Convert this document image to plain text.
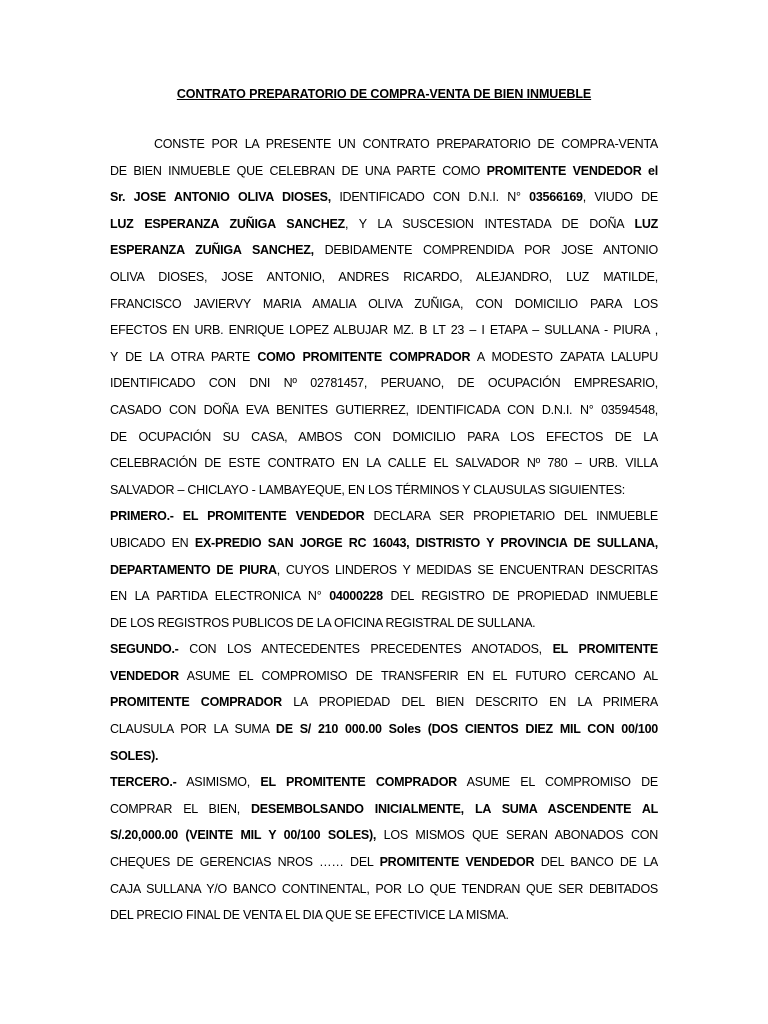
CONTRATO PREPARATORIO DE COMPRA-VENTA DE BIEN INMUEBLE
CONSTE POR LA PRESENTE UN CONTRATO PREPARATORIO DE COMPRA-VENTA
DE BIEN INMUEBLE QUE CELEBRAN DE UNA PARTE COMO PROMITENTE VENDEDOR el
Sr. JOSE ANTONIO OLIVA DIOSES, IDENTIFICADO CON D.N.I. N° 03566169, VIUDO DE
LUZ ESPERANZA ZUÑIGA SANCHEZ, Y LA SUSCESION INTESTADA DE DOÑA LUZ
ESPERANZA ZUÑIGA SANCHEZ, DEBIDAMENTE COMPRENDIDA POR JOSE ANTONIO
OLIVA DIOSES, JOSE ANTONIO, ANDRES RICARDO, ALEJANDRO, LUZ MATILDE,
FRANCISCO JAVIERVY MARIA AMALIA OLIVA ZUÑIGA, CON DOMICILIO PARA LOS
EFECTOS EN URB. ENRIQUE LOPEZ ALBUJAR MZ. B LT 23 – I ETAPA – SULLANA - PIURA ,
Y DE LA OTRA PARTE COMO PROMITENTE COMPRADOR A MODESTO ZAPATA LALUPU
IDENTIFICADO CON DNI Nº 02781457, PERUANO, DE OCUPACIÓN EMPRESARIO,
CASADO CON DOÑA EVA BENITES GUTIERREZ, IDENTIFICADA CON D.N.I. N° 03594548,
DE OCUPACIÓN SU CASA, AMBOS CON DOMICILIO PARA LOS EFECTOS DE LA
CELEBRACIÓN DE ESTE CONTRATO EN LA CALLE EL SALVADOR Nº 780 – URB. VILLA
SALVADOR – CHICLAYO - LAMBAYEQUE, EN LOS TÉRMINOS Y CLAUSULAS SIGUIENTES:
PRIMERO.- EL PROMITENTE VENDEDOR DECLARA SER PROPIETARIO DEL INMUEBLE
UBICADO EN EX-PREDIO SAN JORGE RC 16043, DISTRISTO Y PROVINCIA DE SULLANA,
DEPARTAMENTO DE PIURA, CUYOS LINDEROS Y MEDIDAS SE ENCUENTRAN DESCRITAS
EN LA PARTIDA ELECTRONICA N° 04000228 DEL REGISTRO DE PROPIEDAD INMUEBLE
DE LOS REGISTROS PUBLICOS DE LA OFICINA REGISTRAL DE SULLANA.
SEGUNDO.- CON LOS ANTECEDENTES PRECEDENTES ANOTADOS, EL PROMITENTE
VENDEDOR ASUME EL COMPROMISO DE TRANSFERIR EN EL FUTURO CERCANO AL
PROMITENTE COMPRADOR LA PROPIEDAD DEL BIEN DESCRITO EN LA PRIMERA
CLAUSULA POR LA SUMA DE S/ 210 000.00 Soles (DOS CIENTOS DIEZ MIL CON 00/100
SOLES).
TERCERO.- ASIMISMO, EL PROMITENTE COMPRADOR ASUME EL COMPROMISO DE
COMPRAR EL BIEN, DESEMBOLSANDO INICIALMENTE, LA SUMA ASCENDENTE AL
S/.20,000.00 (VEINTE MIL Y 00/100 SOLES), LOS MISMOS QUE SERAN ABONADOS CON
CHEQUES DE GERENCIAS NROS …… DEL PROMITENTE VENDEDOR DEL BANCO DE LA
CAJA SULLANA Y/O BANCO CONTINENTAL, POR LO QUE TENDRAN QUE SER DEBITADOS
DEL PRECIO FINAL DE VENTA EL DIA QUE SE EFECTIVICE LA MISMA.
